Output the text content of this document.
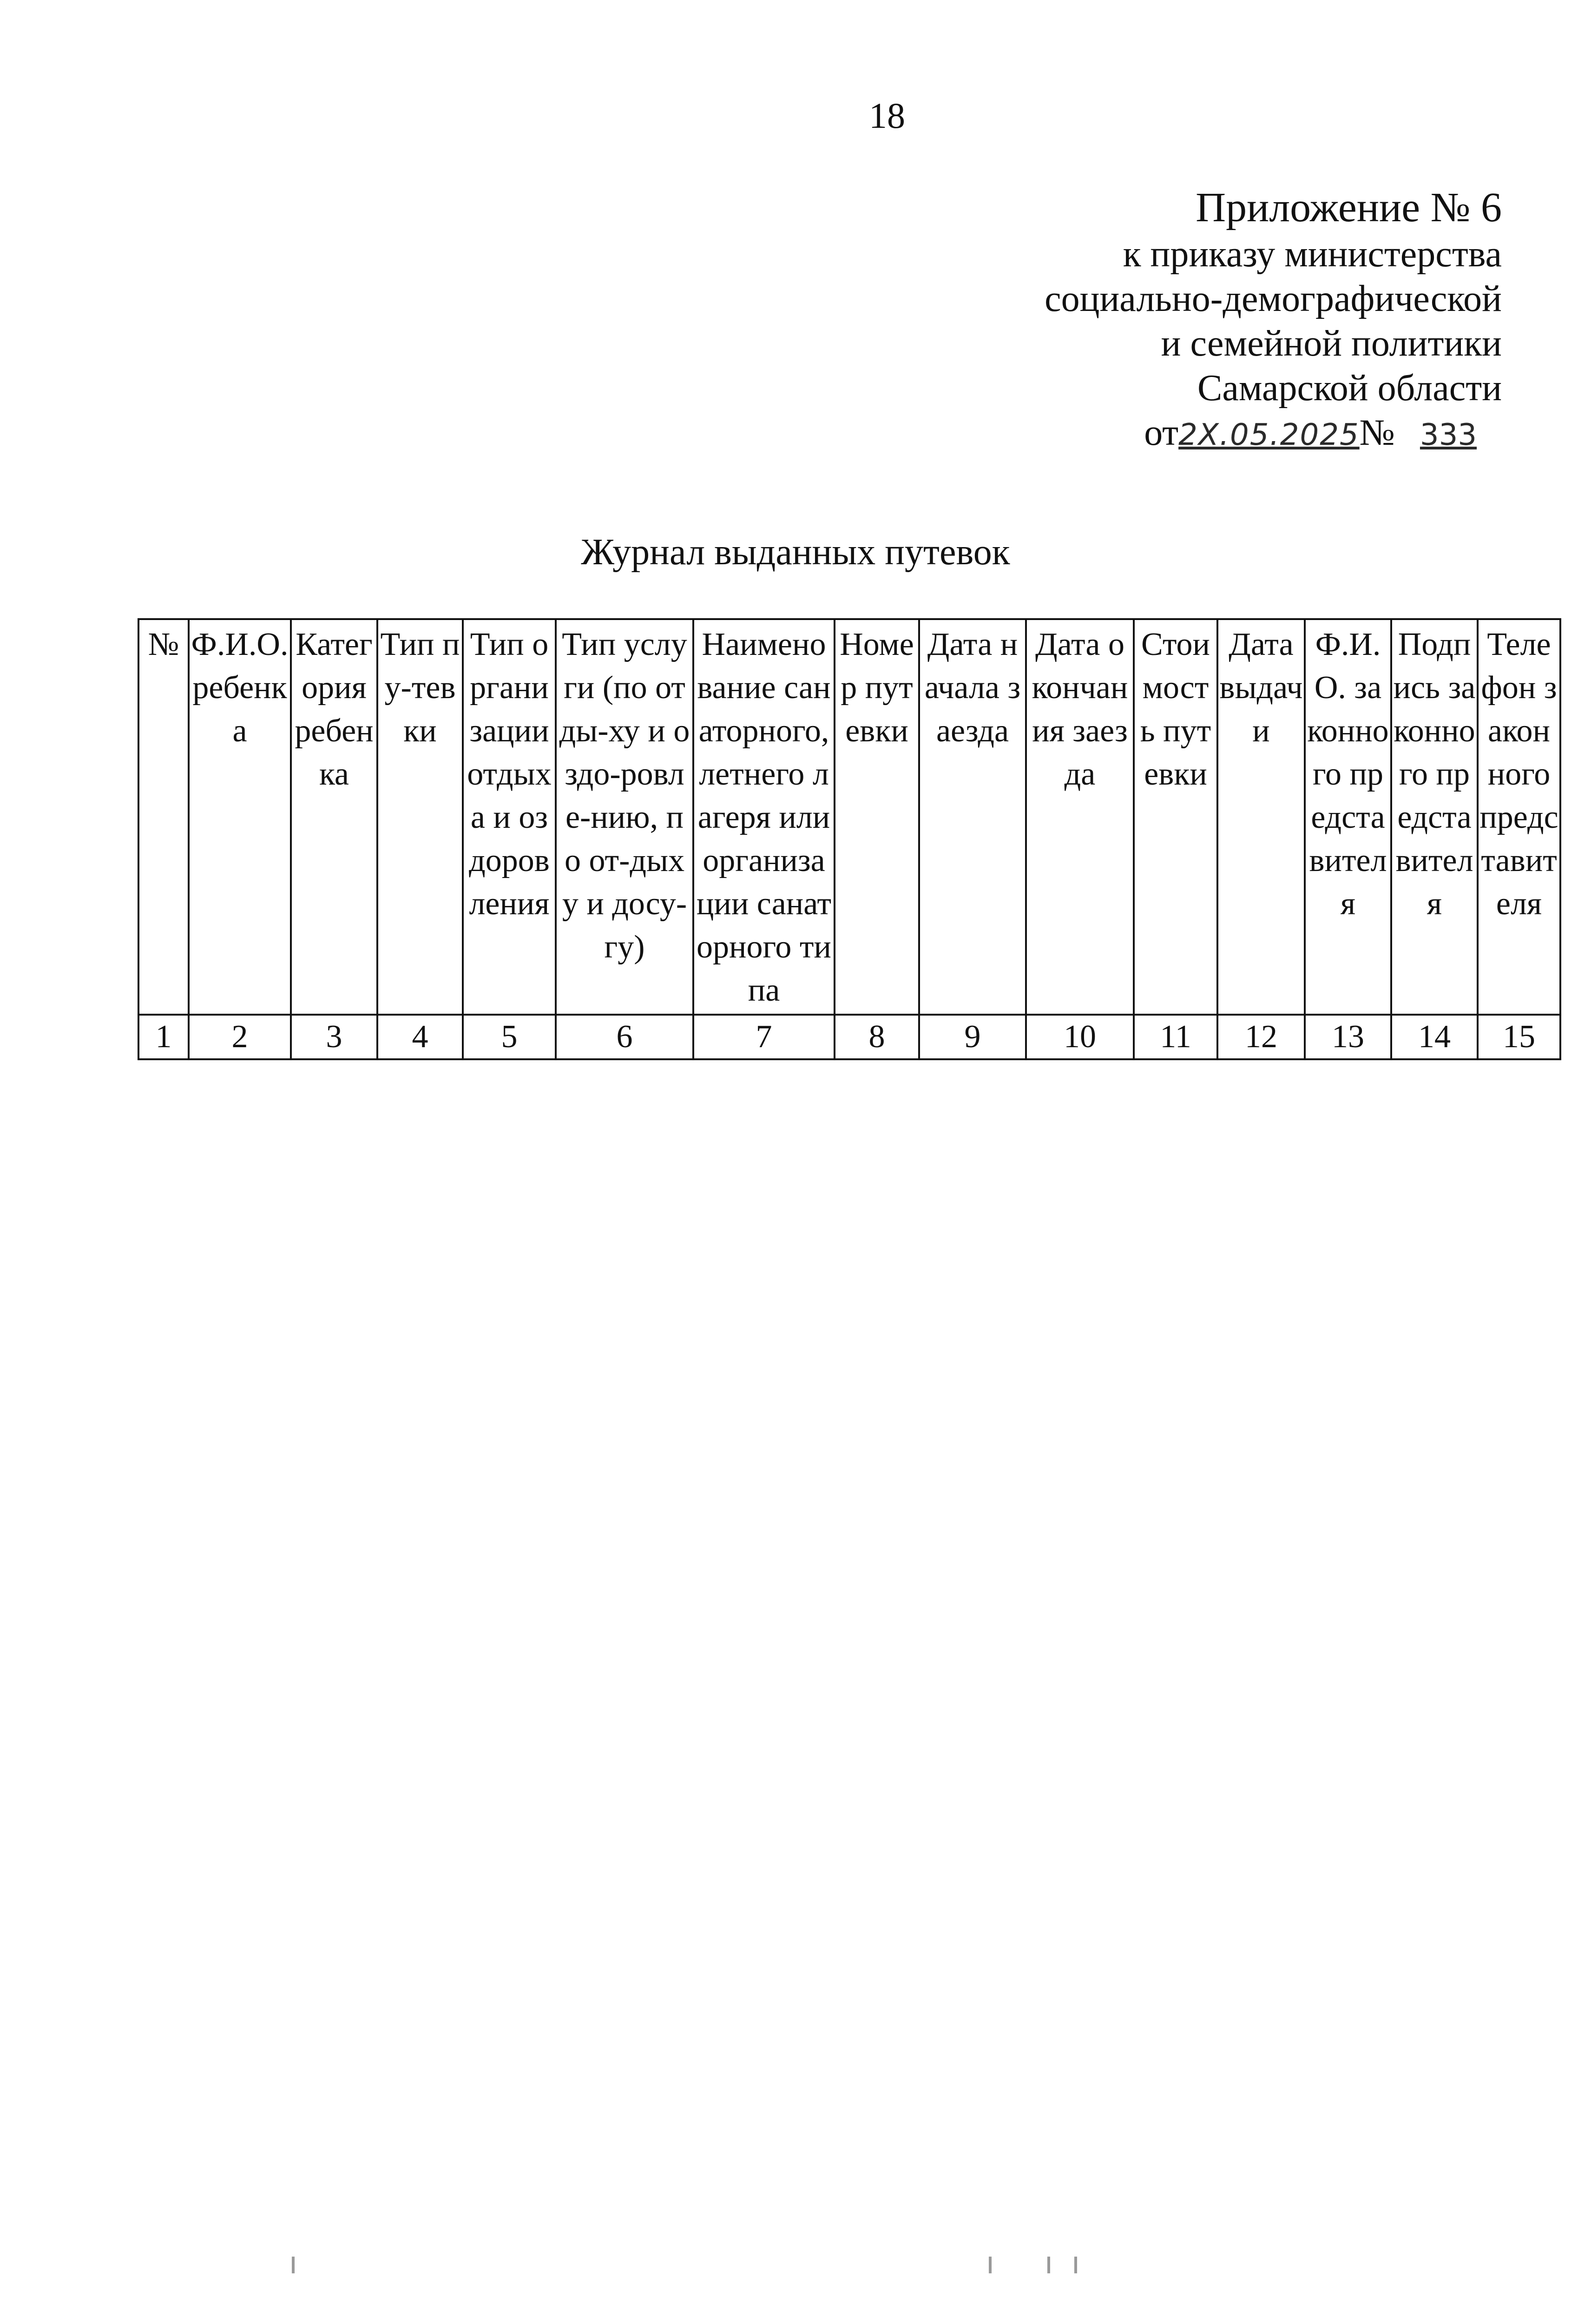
18
Приложение № 6
к приказу министерства
социально-демографической
и семейной политики
Самарской области
от2Х.05.2025№ 333
Журнал выданных путевок
№	Ф.И.О. ребенка	Категория ребенка	Тип пу-тевки	Тип организации отдыха и оздоровления	Тип услуги (по отды-ху и оздо-ровле-нию, по от-дыху и досу-гу)	Наименование санаторного, летнего лагеря или организации санаторного типа	Номер путевки	Дата начала заезда	Дата окончания заезда	Стоимость путевки	Дата выдачи	Ф.И.О. законного представителя	Подпись законного представителя	Телефон законного представителя
1	2	3	4	5	6	7	8	9	10	11	12	13	14	15
